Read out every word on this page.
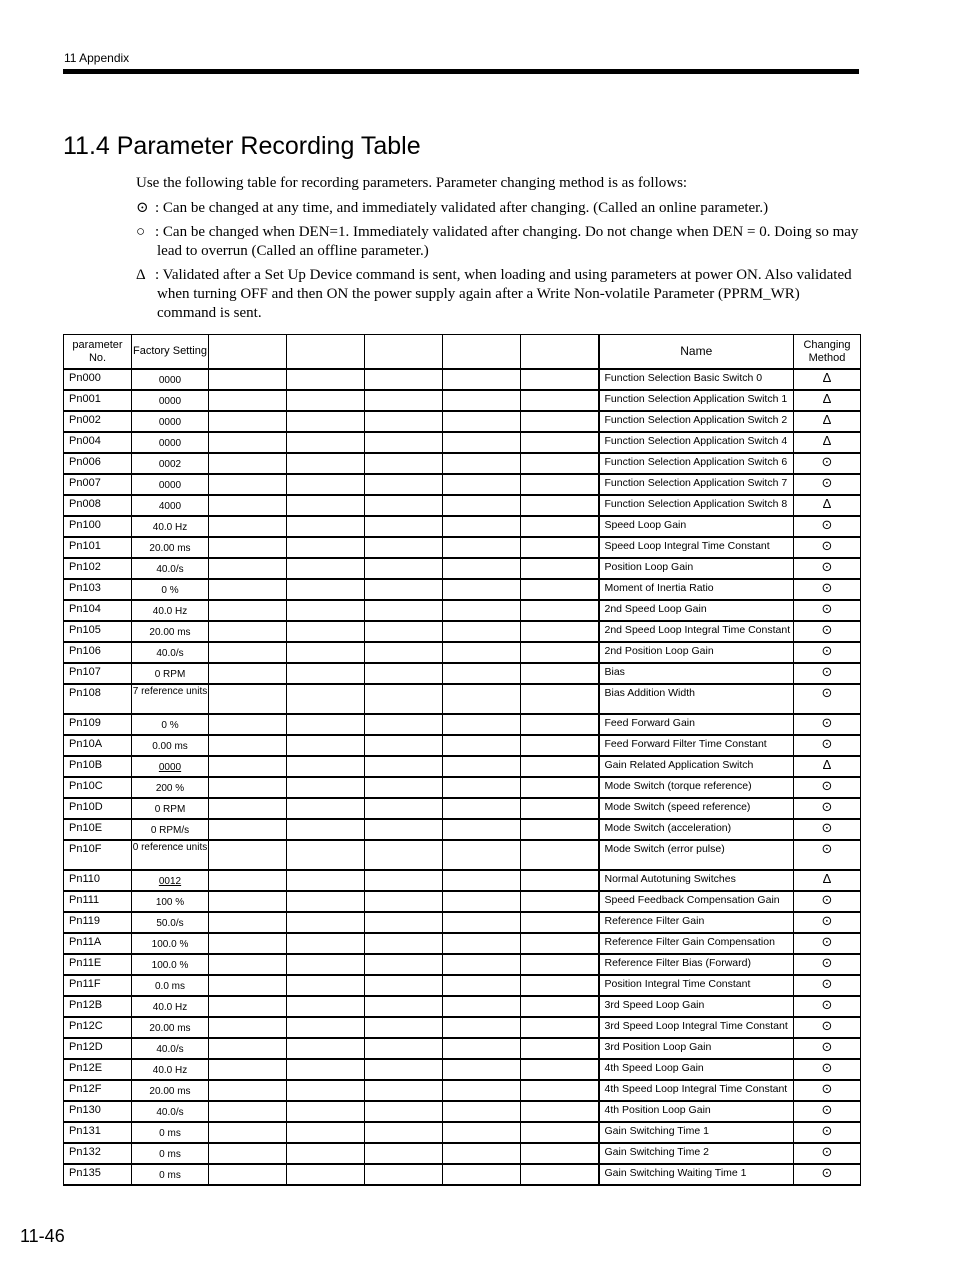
11 Appendix
11.4 Parameter Recording Table

Use the following table for recording parameters. Parameter changing method is as follows:

⊙ : Can be changed at any time, and immediately validated after changing. (Called an online parameter.)

○ : Can be changed when DEN=1. Immediately validated after changing. Do not change when DEN = 0. Doing so may lead to overrun (Called an offline parameter.)

Δ : Validated after a Set Up Device command is sent, when loading and using parameters at power ON. Also validated when turning OFF and then ON the power supply again after a Write Non-volatile Parameter (PPRM_WR) command is sent.

parameter No.	Factory Setting						Name	Changing Method
Pn000	0000						Function Selection Basic Switch 0	Δ
Pn001	0000						Function Selection Application Switch 1	Δ
Pn002	0000						Function Selection Application Switch 2	Δ
Pn004	0000						Function Selection Application Switch 4	Δ
Pn006	0002						Function Selection Application Switch 6	⊙
Pn007	0000						Function Selection Application Switch 7	⊙
Pn008	4000						Function Selection Application Switch 8	Δ
Pn100	40.0 Hz						Speed Loop Gain	⊙
Pn101	20.00 ms						Speed Loop Integral Time Constant	⊙
Pn102	40.0/s						Position Loop Gain	⊙
Pn103	0 %						Moment of Inertia Ratio	⊙
Pn104	40.0 Hz						2nd Speed Loop Gain	⊙
Pn105	20.00 ms						2nd Speed Loop Integral Time Constant	⊙
Pn106	40.0/s						2nd Position Loop Gain	⊙
Pn107	0 RPM						Bias	⊙
Pn108	7 reference units						Bias Addition Width	⊙
Pn109	0 %						Feed Forward Gain	⊙
Pn10A	0.00 ms						Feed Forward Filter Time Constant	⊙
Pn10B	0000						Gain Related Application Switch	Δ
Pn10C	200 %						Mode Switch (torque reference)	⊙
Pn10D	0 RPM						Mode Switch (speed reference)	⊙
Pn10E	0 RPM/s						Mode Switch (acceleration)	⊙
Pn10F	0 reference units						Mode Switch (error pulse)	⊙
Pn110	0012						Normal Autotuning Switches	Δ
Pn111	100 %						Speed Feedback Compensation Gain	⊙
Pn119	50.0/s						Reference Filter Gain	⊙
Pn11A	100.0 %						Reference Filter Gain Compensation	⊙
Pn11E	100.0 %						Reference Filter Bias (Forward)	⊙
Pn11F	0.0 ms						Position Integral Time Constant	⊙
Pn12B	40.0 Hz						3rd Speed Loop Gain	⊙
Pn12C	20.00 ms						3rd Speed Loop Integral Time Constant	⊙
Pn12D	40.0/s						3rd Position Loop Gain	⊙
Pn12E	40.0 Hz						4th Speed Loop Gain	⊙
Pn12F	20.00 ms						4th Speed Loop Integral Time Constant	⊙
Pn130	40.0/s						4th Position Loop Gain	⊙
Pn131	0 ms						Gain Switching Time 1	⊙
Pn132	0 ms						Gain Switching Time 2	⊙
Pn135	0 ms						Gain Switching Waiting Time 1	⊙
11-46
